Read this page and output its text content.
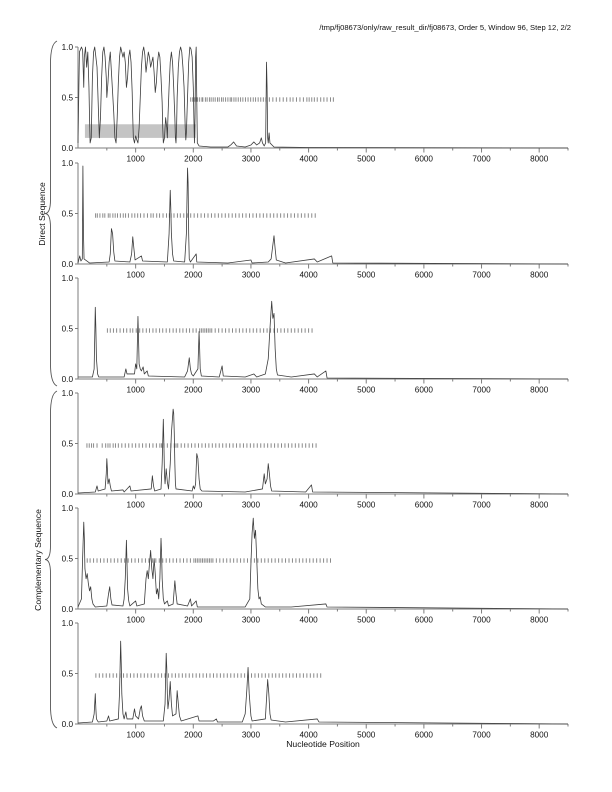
/tmp/fj08673/only/raw_result_dir/fj08673, Order 5, Window 96, Step 12, 2/2
Direct Sequence
Complementary Sequence
1.0
0.5
0.0
1000	2000	3000	4000	5000	6000	7000	8000
1.0
0.5
0.0
1000	2000	3000	4000	5000	6000	7000	8000
1.0
0.5
0.0
1000	2000	3000	4000	5000	6000	7000	8000
1.0
0.5
0.0
1000	2000	3000	4000	5000	6000	7000	8000
1.0
0.5
0.0
1000	2000	3000	4000	5000	6000	7000	8000
1.0
0.5
0.0
1000	2000	3000	4000	5000	6000	7000	8000
Nucleotide Position
